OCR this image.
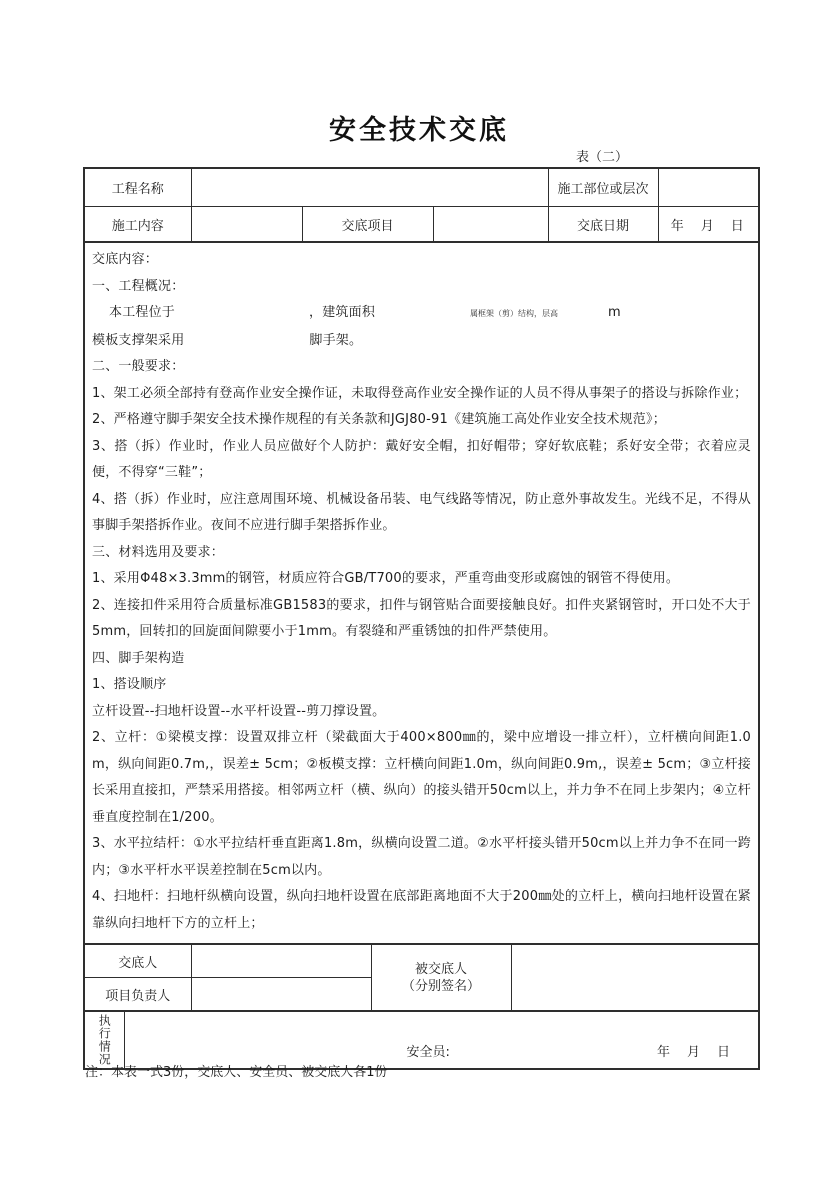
安全技术交底
表（二）
工程名称				施工部位或层次	
施工内容		交底项目		交底日期	年　月　日
交底内容：
一、工程概况：
本工程位于	，建筑面积	属框架（剪）结构，层高	m
模板支撑架采用	脚手架。
二、一般要求：
1、架工必须全部持有登高作业安全操作证，未取得登高作业安全操作证的人员不得从事架子的搭设与拆除作业；
2、严格遵守脚手架安全技术操作规程的有关条款和JGJ80-91《建筑施工高处作业安全技术规范》；
3、搭（拆）作业时，作业人员应做好个人防护：戴好安全帽，扣好帽带；穿好软底鞋；系好安全带；衣着应灵便，不得穿“三鞋”；
4、搭（拆）作业时，应注意周围环境、机械设备吊装、电气线路等情况，防止意外事故发生。光线不足，不得从事脚手架搭拆作业。夜间不应进行脚手架搭拆作业。
三、材料选用及要求：
1、采用Φ48×3.3mm的钢管，材质应符合GB/T700的要求，严重弯曲变形或腐蚀的钢管不得使用。
2、连接扣件采用符合质量标准GB1583的要求，扣件与钢管贴合面要接触良好。扣件夹紧钢管时，开口处不大于5mm，回转扣的回旋面间隙要小于1mm。有裂缝和严重锈蚀的扣件严禁使用。
四、脚手架构造
1、搭设顺序
立杆设置--扫地杆设置--水平杆设置--剪刀撑设置。
2、立杆：①梁模支撑：设置双排立杆（梁截面大于400×800㎜的，梁中应增设一排立杆），立杆横向间距1.0m，纵向间距0.7m,，误差± 5cm；②板模支撑：立杆横向间距1.0m，纵向间距0.9m,，误差± 5cm；③立杆接长采用直接扣，严禁采用搭接。相邻两立杆（横、纵向）的接头错开50cm以上，并力争不在同上步架内；④立杆垂直度控制在1/200。
3、水平拉结杆：①水平拉结杆垂直距离1.8m，纵横向设置二道。②水平杆接头错开50cm以上并力争不在同一跨内；③水平杆水平误差控制在5cm以内。
4、扫地杆：扫地杆纵横向设置，纵向扫地杆设置在底部距离地面不大于200㎜处的立杆上，横向扫地杆设置在紧靠纵向扫地杆下方的立杆上；
交底人		被交底人
（分别签名）	

项目负责人			
执行情况	安全员:	年　月　日
注：本表一式3份，交底人、安全员、被交底人各1份
